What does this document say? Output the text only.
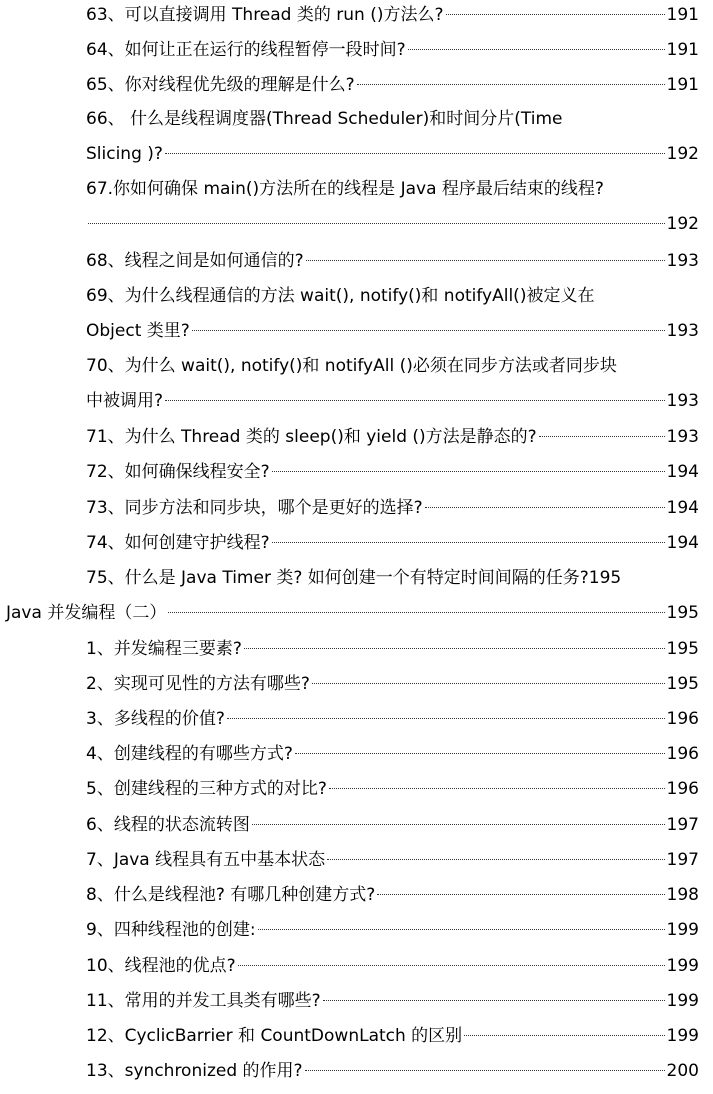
63、可以直接调用 Thread 类的 run ()方法么?	191
64、如何让正在运行的线程暂停一段时间?	191
65、你对线程优先级的理解是什么?	191
66、 什么是线程调度器(Thread Scheduler)和时间分片(Time
Slicing )?	192
67.你如何确保 main()方法所在的线程是 Java 程序最后结束的线程?
192
68、线程之间是如何通信的?	193
69、为什么线程通信的方法 wait(), notify()和 notifyAll()被定义在
Object 类里?	193
70、为什么 wait(), notify()和 notifyAll ()必须在同步方法或者同步块
中被调用?	193
71、为什么 Thread 类的 sleep()和 yield ()方法是静态的?	193
72、如何确保线程安全?	194
73、同步方法和同步块，哪个是更好的选择?	194
74、如何创建守护线程?	194
75、什么是 Java Timer 类? 如何创建一个有特定时间间隔的任务? 195
Java 并发编程（二）	195
1、并发编程三要素?	195
2、实现可见性的方法有哪些?	195
3、多线程的价值?	196
4、创建线程的有哪些方式?	196
5、创建线程的三种方式的对比?	196
6、线程的状态流转图	197
7、Java 线程具有五中基本状态	197
8、什么是线程池? 有哪几种创建方式?	198
9、四种线程池的创建:	199
10、线程池的优点?	199
11、常用的并发工具类有哪些?	199
12、CyclicBarrier 和 CountDownLatch 的区别	199
13、synchronized 的作用?	200
